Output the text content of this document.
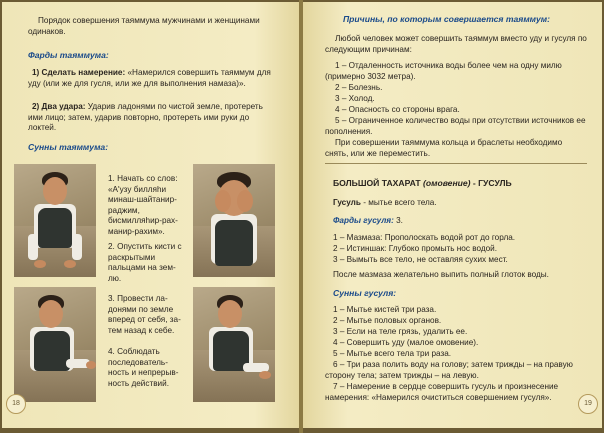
Порядок совершения таяммума мужчинами и женщинами одинаков.

Фарды таяммума:

1) Сделать намерение: «Намерился совершить таяммум для уду (или же для гусля, или же для выполнения намаза)».

2) Два удара: Ударив ладонями по чистой земле, протереть ими лицо; затем, ударив повторно, протереть ими руки до локтей.

Сунны таяммума:

1. Начать со слов: «А'узу билляhи минаш-шайтанир-раджим, бисмилляhир-рахманир-рахим».

2. Опустить кисти с раскрытыми пальцами на землю.

3. Провести ладонями по земле вперед от себя, затем назад к себе.

4. Соблюдать последовательность и непрерывность действий.

18

Причины, по которым совершается таяммум:

Любой человек может совершить таяммум вместо уду и гусуля по следующим причинам:

1 – Отдаленность источника воды более чем на одну милю (примерно 3032 метра).

2 – Болезнь.

3 – Холод.

4 – Опасность со стороны врага.

5 – Ограниченное количество воды при отсутствии источников ее пополнения.

При совершении таяммума кольца и браслеты необходимо снять, или же переместить.

БОЛЬШОЙ ТАХАРАТ (омовение) - ГУСУЛЬ

Гусуль - мытье всего тела.

Фарды гусуля: 3.

1 – Мазмаза: Прополоскать водой рот до горла.

2 – Истиншак: Глубоко промыть нос водой.

3 – Вымыть все тело, не оставляя сухих мест.

После мазмаза желательно выпить полный глоток воды.

Сунны гусуля:

1 – Мытье кистей три раза.

2 – Мытье половых органов.

3 – Если на теле грязь, удалить ее.

4 – Совершить уду (малое омовение).

5 – Мытье всего тела три раза.

6 – Три раза полить воду на голову; затем трижды – на правую сторону тела; затем трижды – на левую.

7 – Намерение в сердце совершить гусуль и произнесение намерения: «Намерился очиститься совершением гусуля».

19
